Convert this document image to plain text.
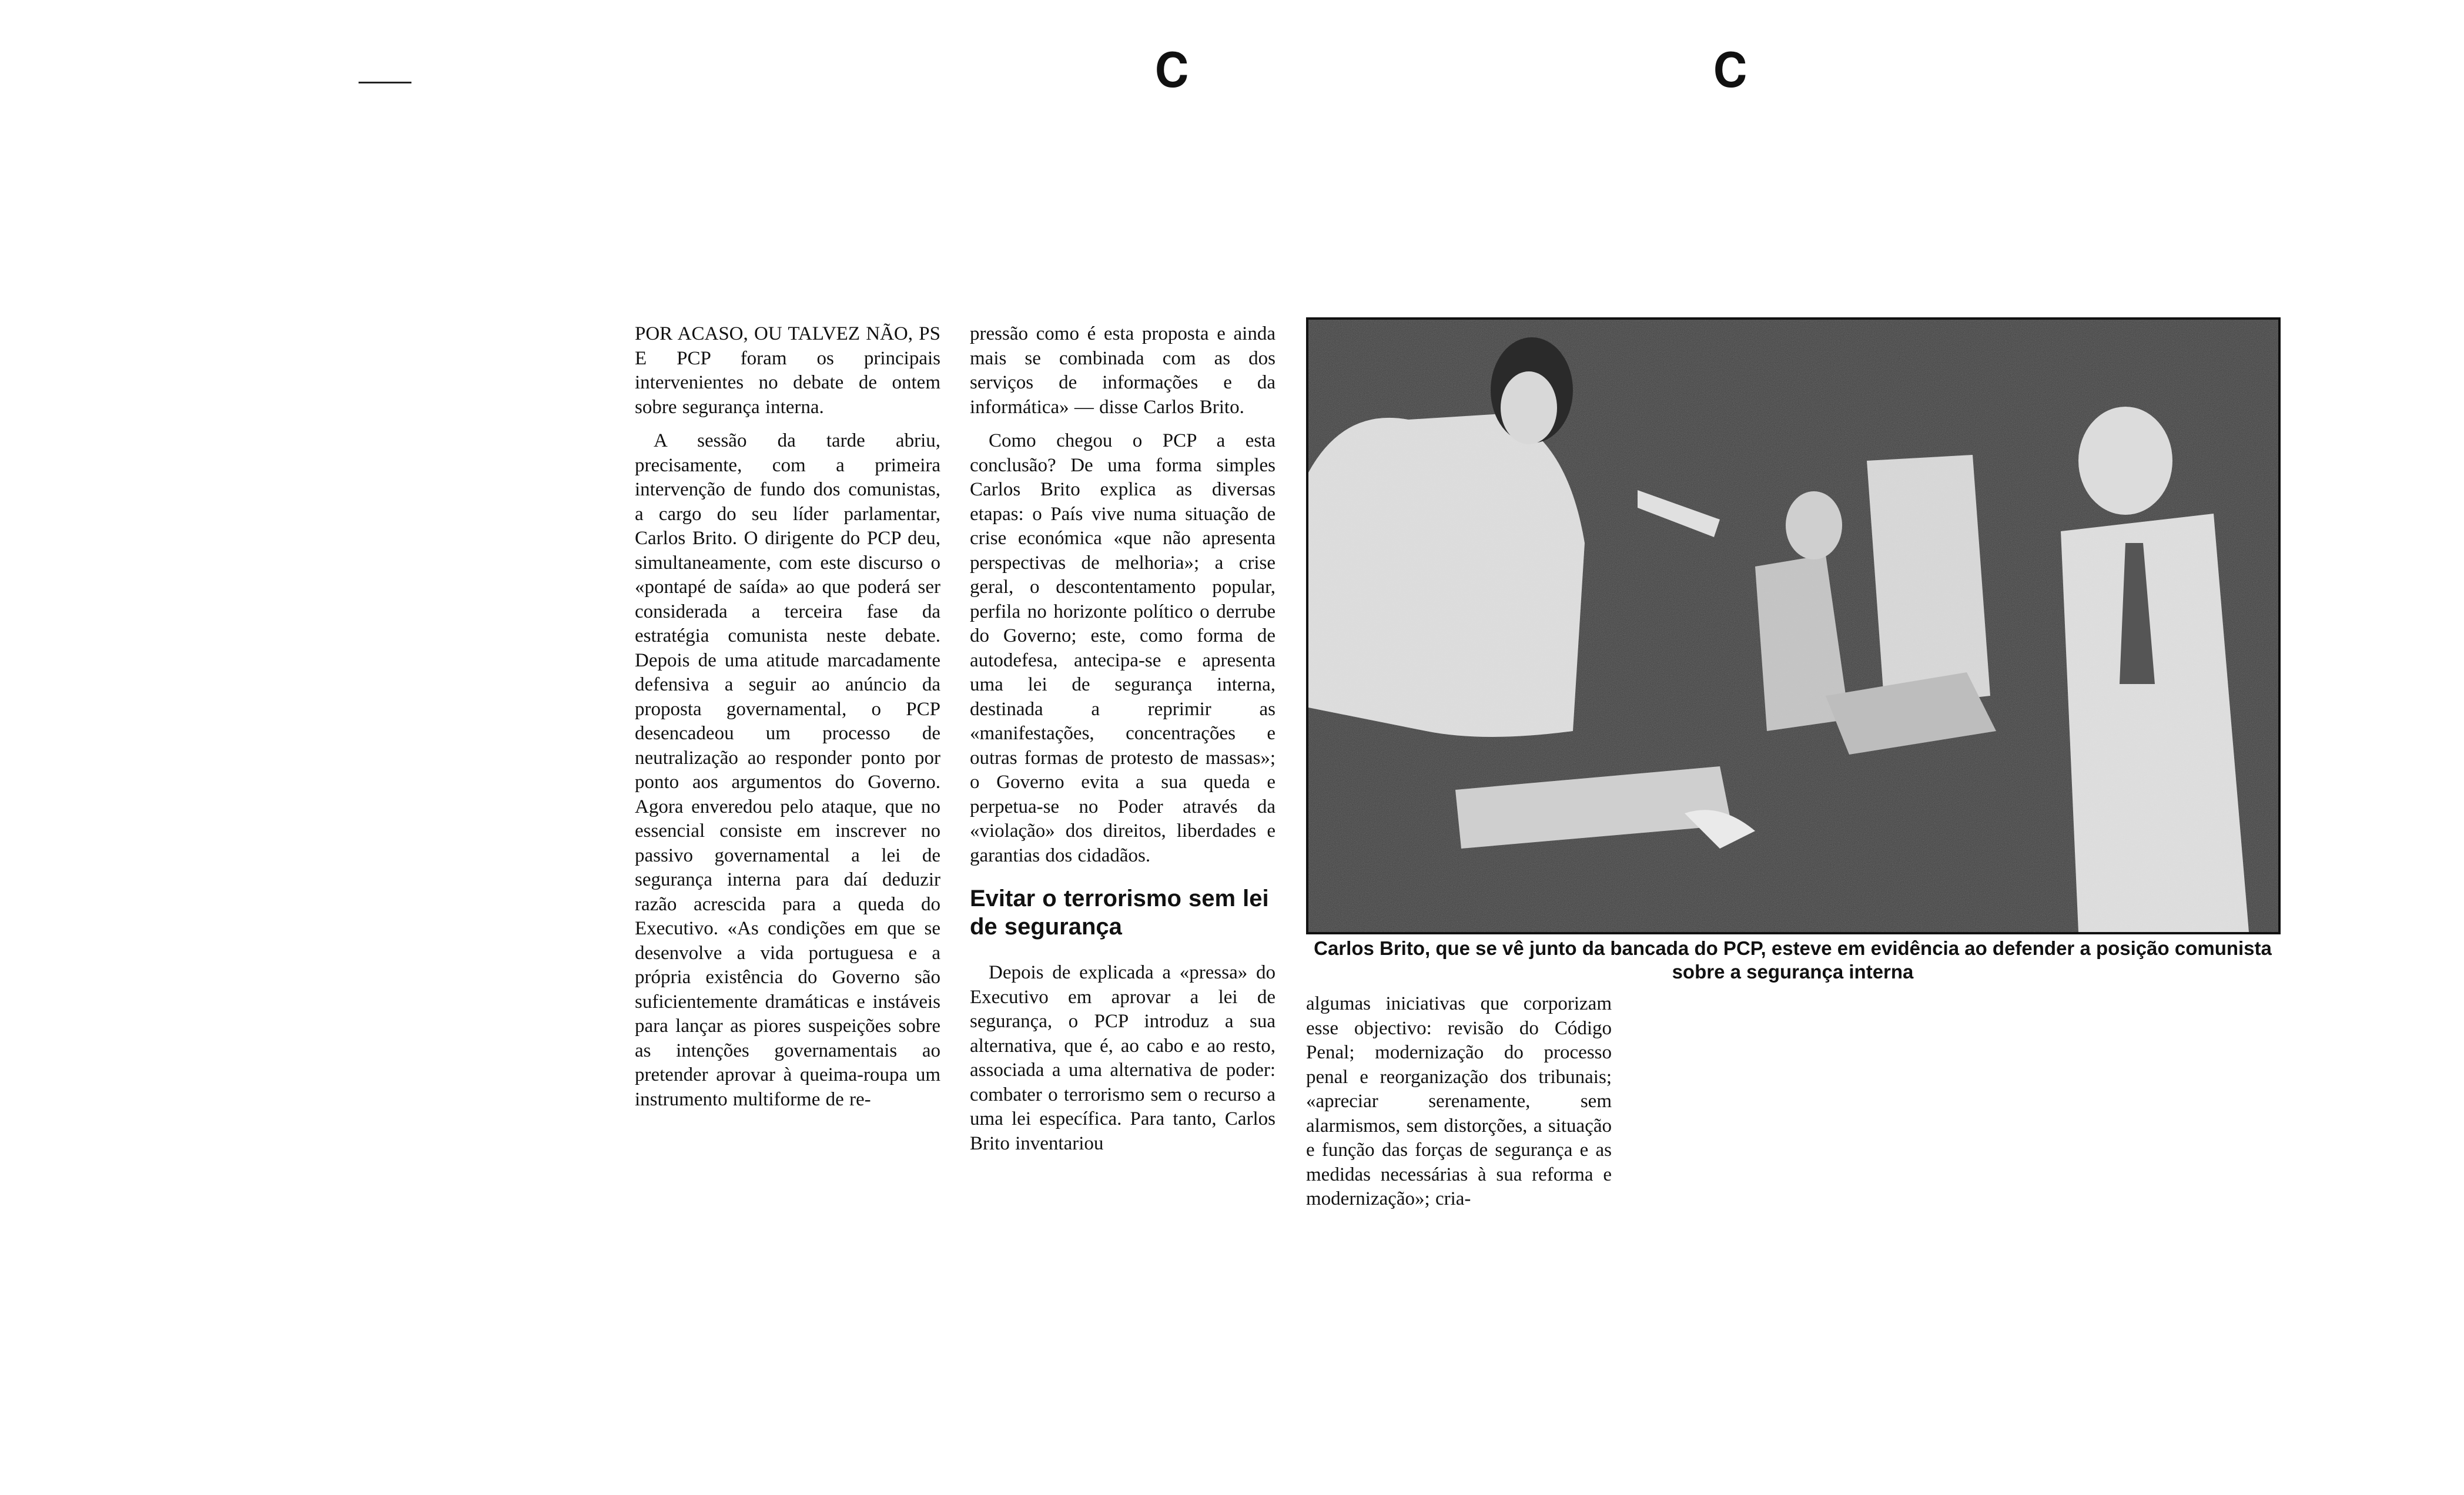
𝐂	𝐂

POR ACASO, OU TALVEZ NÃO, PS E PCP foram os principais intervenientes no debate de ontem sobre segurança interna.

A sessão da tarde abriu, precisamente, com a primeira intervenção de fundo dos comunistas, a cargo do seu líder parlamentar, Carlos Brito. O dirigente do PCP deu, simultaneamente, com este discurso o «pontapé de saída» ao que poderá ser considerada a terceira fase da estratégia comunista neste debate. Depois de uma atitude marcadamente defensiva a seguir ao anúncio da proposta governamental, o PCP desencadeou um processo de neutralização ao responder ponto por ponto aos argumentos do Governo. Agora enveredou pelo ataque, que no essencial consiste em inscrever no passivo governamental a lei de segurança interna para daí deduzir razão acrescida para a queda do Executivo. «As condições em que se desenvolve a vida portuguesa e a própria existência do Governo são suficientemente dramáticas e instáveis para lançar as piores suspeições sobre as intenções governamentais ao pretender aprovar à queima-roupa um instrumento multiforme de re-

pressão como é esta proposta e ainda mais se combinada com as dos serviços de informações e da informática» — disse Carlos Brito.

Como chegou o PCP a esta conclusão? De uma forma simples Carlos Brito explica as diversas etapas: o País vive numa situação de crise económica «que não apresenta perspectivas de melhoria»; a crise geral, o descontentamento popular, perfila no horizonte político o derrube do Governo; este, como forma de autodefesa, antecipa-se e apresenta uma lei de segurança interna, destinada a reprimir as «manifestações, concentrações e outras formas de protesto de massas»; o Governo evita a sua queda e perpetua-se no Poder através da «violação» dos direitos, liberdades e garantias dos cidadãos.

Evitar o terrorismo sem lei de segurança

Depois de explicada a «pressa» do Executivo em aprovar a lei de segurança, o PCP introduz a sua alternativa, que é, ao cabo e ao resto, associada a uma alternativa de poder: combater o terrorismo sem o recurso a uma lei específica. Para tanto, Carlos Brito inventariou

Carlos Brito, que se vê junto da bancada do PCP, esteve em evidência ao defender a posição comunista sobre a segurança interna

algumas iniciativas que corporizam esse objectivo: revisão do Código Penal; modernização do processo penal e reorganização dos tribunais; «apreciar serenamente, sem alarmismos, sem distorções, a situação e função das forças de segurança e as medidas necessárias à sua reforma e modernização»; cria-
